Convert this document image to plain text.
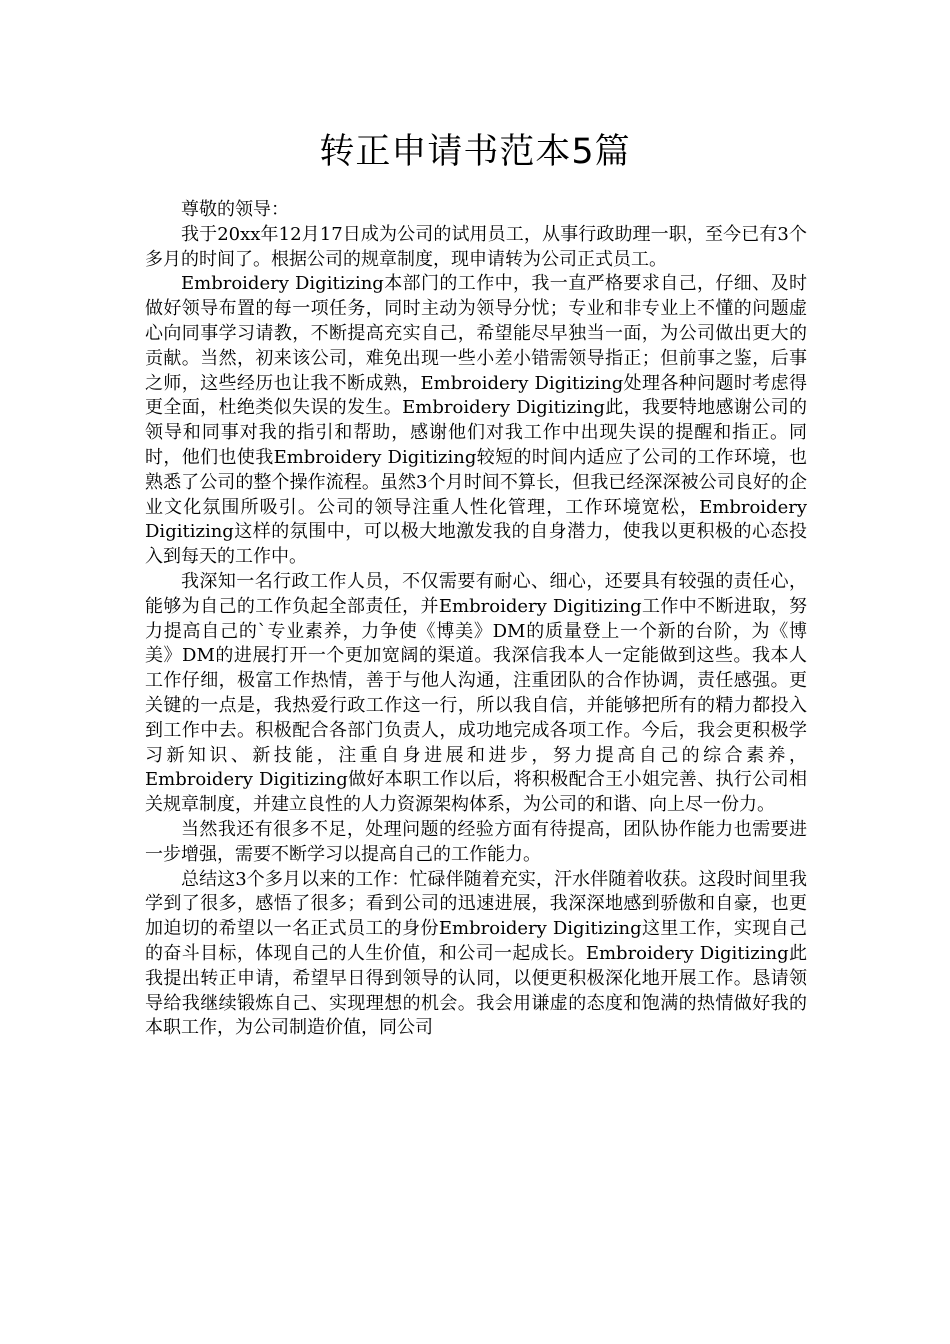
转正申请书范本5篇

尊敬的领导：

我于20xx年12月17日成为公司的试用员工，从事行政助理一职，至今已有3个多月的时间了。根据公司的规章制度，现申请转为公司正式员工。

Embroidery Digitizing本部门的工作中，我一直严格要求自己，仔细、及时做好领导布置的每一项任务，同时主动为领导分忧；专业和非专业上不懂的问题虚心向同事学习请教，不断提高充实自己，希望能尽早独当一面，为公司做出更大的贡献。当然，初来该公司，难免出现一些小差小错需领导指正；但前事之鉴，后事之师，这些经历也让我不断成熟，Embroidery Digitizing处理各种问题时考虑得更全面，杜绝类似失误的发生。Embroidery Digitizing此，我要特地感谢公司的领导和同事对我的指引和帮助，感谢他们对我工作中出现失误的提醒和指正。同时，他们也使我Embroidery Digitizing较短的时间内适应了公司的工作环境，也熟悉了公司的整个操作流程。虽然3个月时间不算长，但我已经深深被公司良好的企业文化氛围所吸引。公司的领导注重人性化管理，工作环境宽松，Embroidery Digitizing这样的氛围中，可以极大地激发我的自身潜力，使我以更积极的心态投入到每天的工作中。

我深知一名行政工作人员，不仅需要有耐心、细心，还要具有较强的责任心，能够为自己的工作负起全部责任，并Embroidery Digitizing工作中不断进取，努力提高自己的`专业素养，力争使《博美》DM的质量登上一个新的台阶，为《博美》DM的进展打开一个更加宽阔的渠道。我深信我本人一定能做到这些。我本人工作仔细，极富工作热情，善于与他人沟通，注重团队的合作协调，责任感强。更关键的一点是，我热爱行政工作这一行，所以我自信，并能够把所有的精力都投入到工作中去。积极配合各部门负责人，成功地完成各项工作。今后，我会更积极学习新知识、新技能，注重自身进展和进步，努力提高自己的综合素养，Embroidery Digitizing做好本职工作以后，将积极配合王小姐完善、执行公司相关规章制度，并建立良性的人力资源架构体系，为公司的和谐、向上尽一份力。

当然我还有很多不足，处理问题的经验方面有待提高，团队协作能力也需要进一步增强，需要不断学习以提高自己的工作能力。

总结这3个多月以来的工作：忙碌伴随着充实，汗水伴随着收获。这段时间里我学到了很多，感悟了很多；看到公司的迅速进展，我深深地感到骄傲和自豪，也更加迫切的希望以一名正式员工的身份Embroidery Digitizing这里工作，实现自己的奋斗目标，体现自己的人生价值，和公司一起成长。Embroidery Digitizing此我提出转正申请，希望早日得到领导的认同，以便更积极深化地开展工作。恳请领导给我继续锻炼自己、实现理想的机会。我会用谦虚的态度和饱满的热情做好我的本职工作，为公司制造价值，同公司
